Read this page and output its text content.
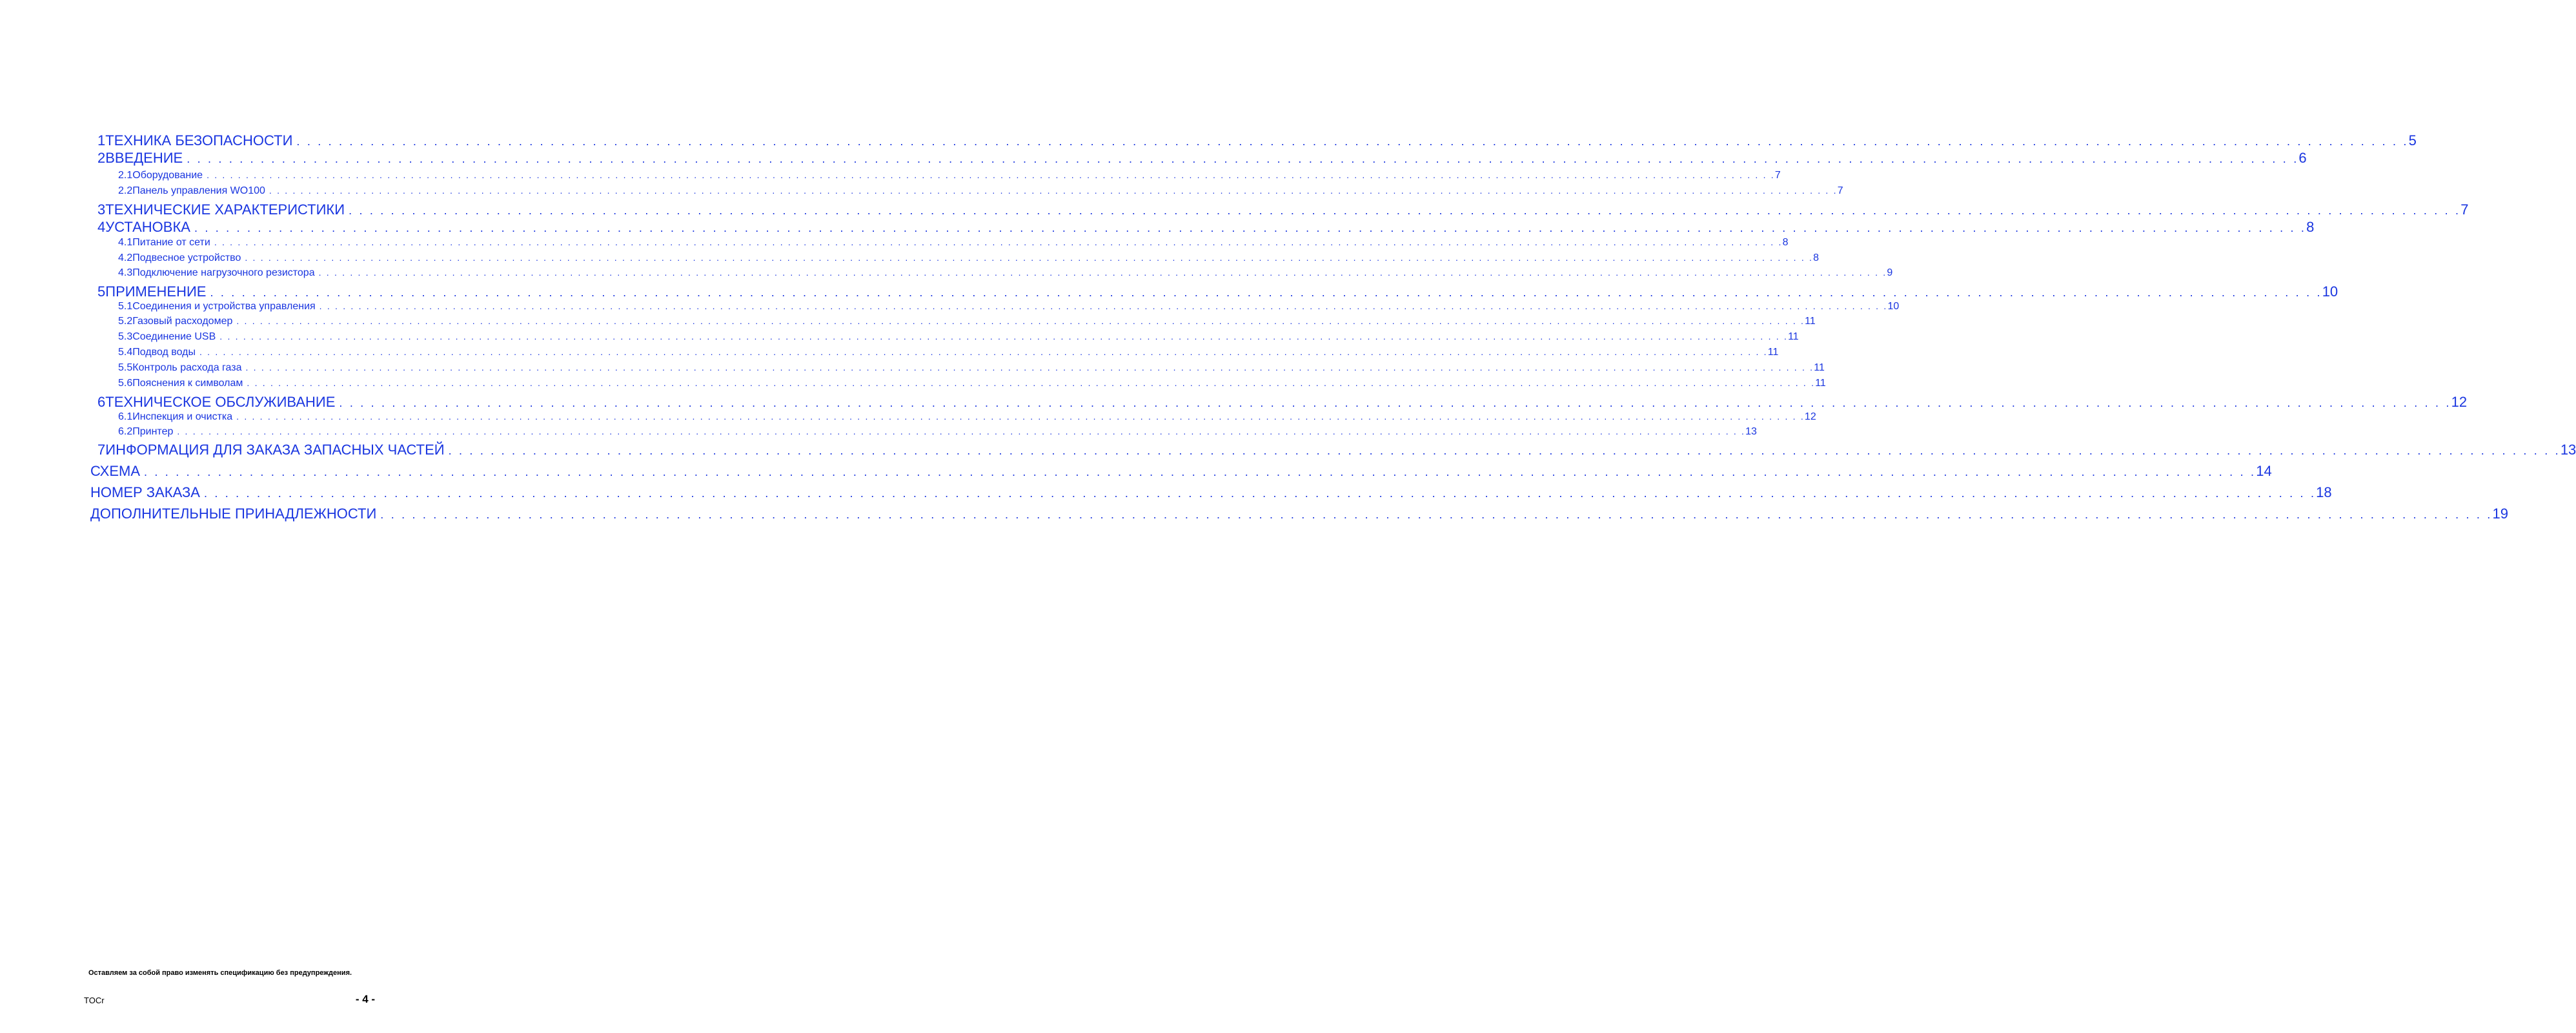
1 ТЕХНИКА БЕЗОПАСНОСТИ . . . . . . . . . . . . . . . . . . . . . . . . . . . . . . . . . . . . . . . . . . . . . . . . . . . . . . . . . . . . . . . . . . . . . . . . . . . . . . . . . . . . . . . . . . . . . . . . . . . . . . . . . . . . . . . . . . . . . . . . . . . . . . . . . . . . . . . . . . . . . . . . . . . . . . . . . . . . . . . . . . . . . . . . . . . . . . . . . . . . . . . . . . . . . . . . . . . . . . . . 5
2 ВВЕДЕНИЕ . . . . . . . . . . . . . . . . . . . . . . . . . . . . . . . . . . . . . . . . . . . . . . . . . . . . . . . . . . . . . . . . . . . . . . . . . . . . . . . . . . . . . . . . . . . . . . . . . . . . . . . . . . . . . . . . . . . . . . . . . . . . . . . . . . . . . . . . . . . . . . . . . . . . . . . . . . . . . . . . . . . . . . . . . . . . . . . . . . . . . . . . . . . . . . . . . . . . . . . . 6
2.1 Оборудование . . . . . . . . . . . . . . . . . . . . . . . . . . . . . . . . . . . . . . . . . . . . . . . . . . . . . . . . . . . . . . . . . . . . . . . . . . . . . . . . . . . . . . . . . . . . . . . . . . . . . . . . . . . . . . . . . . . . . . . . . . . . . . . . . . . . . . . . . . . . . . . . . . . . . . . . . . . . . . . . . . . . . . . . . . . . . . . . . . . . . . . . . . . . . . . . . . . . . . . . 7
2.2 Панель управления WO100 . . . . . . . . . . . . . . . . . . . . . . . . . . . . . . . . . . . . . . . . . . . . . . . . . . . . . . . . . . . . . . . . . . . . . . . . . . . . . . . . . . . . . . . . . . . . . . . . . . . . . . . . . . . . . . . . . . . . . . . . . . . . . . . . . . . . . . . . . . . . . . . . . . . . . . . . . . . . . . . . . . . . . . . . . . . . . . . . . . . . . . . . . . . . . . . . . . . . . . . . 7
3 ТЕХНИЧЕСКИЕ ХАРАКТЕРИСТИКИ . . . . . . . . . . . . . . . . . . . . . . . . . . . . . . . . . . . . . . . . . . . . . . . . . . . . . . . . . . . . . . . . . . . . . . . . . . . . . . . . . . . . . . . . . . . . . . . . . . . . . . . . . . . . . . . . . . . . . . . . . . . . . . . . . . . . . . . . . . . . . . . . . . . . . . . . . . . . . . . . . . . . . . . . . . . . . . . . . . . . . . . . . . . . . . . . . . . . . . . . 7
4 УСТАНОВКА . . . . . . . . . . . . . . . . . . . . . . . . . . . . . . . . . . . . . . . . . . . . . . . . . . . . . . . . . . . . . . . . . . . . . . . . . . . . . . . . . . . . . . . . . . . . . . . . . . . . . . . . . . . . . . . . . . . . . . . . . . . . . . . . . . . . . . . . . . . . . . . . . . . . . . . . . . . . . . . . . . . . . . . . . . . . . . . . . . . . . . . . . . . . . . . . . . . . . . . . 8
4.1 Питание от сети . . . . . . . . . . . . . . . . . . . . . . . . . . . . . . . . . . . . . . . . . . . . . . . . . . . . . . . . . . . . . . . . . . . . . . . . . . . . . . . . . . . . . . . . . . . . . . . . . . . . . . . . . . . . . . . . . . . . . . . . . . . . . . . . . . . . . . . . . . . . . . . . . . . . . . . . . . . . . . . . . . . . . . . . . . . . . . . . . . . . . . . . . . . . . . . . . . . . . . . . 8
4.2 Подвесное устройство . . . . . . . . . . . . . . . . . . . . . . . . . . . . . . . . . . . . . . . . . . . . . . . . . . . . . . . . . . . . . . . . . . . . . . . . . . . . . . . . . . . . . . . . . . . . . . . . . . . . . . . . . . . . . . . . . . . . . . . . . . . . . . . . . . . . . . . . . . . . . . . . . . . . . . . . . . . . . . . . . . . . . . . . . . . . . . . . . . . . . . . . . . . . . . . . . . . . . . . . 8
4.3 Подключение нагрузочного резистора . . . . . . . . . . . . . . . . . . . . . . . . . . . . . . . . . . . . . . . . . . . . . . . . . . . . . . . . . . . . . . . . . . . . . . . . . . . . . . . . . . . . . . . . . . . . . . . . . . . . . . . . . . . . . . . . . . . . . . . . . . . . . . . . . . . . . . . . . . . . . . . . . . . . . . . . . . . . . . . . . . . . . . . . . . . . . . . . . . . . . . . . . . . . . . . . . . . . . . . . 9
5 ПРИМЕНЕНИЕ . . . . . . . . . . . . . . . . . . . . . . . . . . . . . . . . . . . . . . . . . . . . . . . . . . . . . . . . . . . . . . . . . . . . . . . . . . . . . . . . . . . . . . . . . . . . . . . . . . . . . . . . . . . . . . . . . . . . . . . . . . . . . . . . . . . . . . . . . . . . . . . . . . . . . . . . . . . . . . . . . . . . . . . . . . . . . . . . . . . . . . . . . . . . . . . . . . . . . . . . 10
5.1 Соединения и устройства управления . . . . . . . . . . . . . . . . . . . . . . . . . . . . . . . . . . . . . . . . . . . . . . . . . . . . . . . . . . . . . . . . . . . . . . . . . . . . . . . . . . . . . . . . . . . . . . . . . . . . . . . . . . . . . . . . . . . . . . . . . . . . . . . . . . . . . . . . . . . . . . . . . . . . . . . . . . . . . . . . . . . . . . . . . . . . . . . . . . . . . . . . . . . . . . . . . . . . . . . . 10
5.2 Газовый расходомер . . . . . . . . . . . . . . . . . . . . . . . . . . . . . . . . . . . . . . . . . . . . . . . . . . . . . . . . . . . . . . . . . . . . . . . . . . . . . . . . . . . . . . . . . . . . . . . . . . . . . . . . . . . . . . . . . . . . . . . . . . . . . . . . . . . . . . . . . . . . . . . . . . . . . . . . . . . . . . . . . . . . . . . . . . . . . . . . . . . . . . . . . . . . . . . . . . . . . . . . 11
5.3 Соединение USB . . . . . . . . . . . . . . . . . . . . . . . . . . . . . . . . . . . . . . . . . . . . . . . . . . . . . . . . . . . . . . . . . . . . . . . . . . . . . . . . . . . . . . . . . . . . . . . . . . . . . . . . . . . . . . . . . . . . . . . . . . . . . . . . . . . . . . . . . . . . . . . . . . . . . . . . . . . . . . . . . . . . . . . . . . . . . . . . . . . . . . . . . . . . . . . . . . . . . . . . 11
5.4 Подвод воды . . . . . . . . . . . . . . . . . . . . . . . . . . . . . . . . . . . . . . . . . . . . . . . . . . . . . . . . . . . . . . . . . . . . . . . . . . . . . . . . . . . . . . . . . . . . . . . . . . . . . . . . . . . . . . . . . . . . . . . . . . . . . . . . . . . . . . . . . . . . . . . . . . . . . . . . . . . . . . . . . . . . . . . . . . . . . . . . . . . . . . . . . . . . . . . . . . . . . . . . 11
5.5 Контроль расхода газа . . . . . . . . . . . . . . . . . . . . . . . . . . . . . . . . . . . . . . . . . . . . . . . . . . . . . . . . . . . . . . . . . . . . . . . . . . . . . . . . . . . . . . . . . . . . . . . . . . . . . . . . . . . . . . . . . . . . . . . . . . . . . . . . . . . . . . . . . . . . . . . . . . . . . . . . . . . . . . . . . . . . . . . . . . . . . . . . . . . . . . . . . . . . . . . . . . . . . . . . 11
5.6 Пояснения к символам . . . . . . . . . . . . . . . . . . . . . . . . . . . . . . . . . . . . . . . . . . . . . . . . . . . . . . . . . . . . . . . . . . . . . . . . . . . . . . . . . . . . . . . . . . . . . . . . . . . . . . . . . . . . . . . . . . . . . . . . . . . . . . . . . . . . . . . . . . . . . . . . . . . . . . . . . . . . . . . . . . . . . . . . . . . . . . . . . . . . . . . . . . . . . . . . . . . . . . . . 11
6 ТЕХНИЧЕСКОЕ ОБСЛУЖИВАНИЕ . . . . . . . . . . . . . . . . . . . . . . . . . . . . . . . . . . . . . . . . . . . . . . . . . . . . . . . . . . . . . . . . . . . . . . . . . . . . . . . . . . . . . . . . . . . . . . . . . . . . . . . . . . . . . . . . . . . . . . . . . . . . . . . . . . . . . . . . . . . . . . . . . . . . . . . . . . . . . . . . . . . . . . . . . . . . . . . . . . . . . . . . . . . . . . . . . . . . . . . . 12
6.1 Инспекция и очистка . . . . . . . . . . . . . . . . . . . . . . . . . . . . . . . . . . . . . . . . . . . . . . . . . . . . . . . . . . . . . . . . . . . . . . . . . . . . . . . . . . . . . . . . . . . . . . . . . . . . . . . . . . . . . . . . . . . . . . . . . . . . . . . . . . . . . . . . . . . . . . . . . . . . . . . . . . . . . . . . . . . . . . . . . . . . . . . . . . . . . . . . . . . . . . . . . . . . . . . . 12
6.2 Принтер . . . . . . . . . . . . . . . . . . . . . . . . . . . . . . . . . . . . . . . . . . . . . . . . . . . . . . . . . . . . . . . . . . . . . . . . . . . . . . . . . . . . . . . . . . . . . . . . . . . . . . . . . . . . . . . . . . . . . . . . . . . . . . . . . . . . . . . . . . . . . . . . . . . . . . . . . . . . . . . . . . . . . . . . . . . . . . . . . . . . . . . . . . . . . . . . . . . . . . . . 13
7 ИНФОРМАЦИЯ ДЛЯ ЗАКАЗА ЗАПАСНЫХ ЧАСТЕЙ . . . . . . . . . . . . . . . . . . . . . . . . . . . . . . . . . . . . . . . . . . . . . . . . . . . . . . . . . . . . . . . . . . . . . . . . . . . . . . . . . . . . . . . . . . . . . . . . . . . . . . . . . . . . . . . . . . . . . . . . . . . . . . . . . . . . . . . . . . . . . . . . . . . . . . . . . . . . . . . . . . . . . . . . . . . . . . . . . . . . . . . . . . . . . . . . . . . . . . . . 13
СХЕМА . . . . . . . . . . . . . . . . . . . . . . . . . . . . . . . . . . . . . . . . . . . . . . . . . . . . . . . . . . . . . . . . . . . . . . . . . . . . . . . . . . . . . . . . . . . . . . . . . . . . . . . . . . . . . . . . . . . . . . . . . . . . . . . . . . . . . . . . . . . . . . . . . . . . . . . . . . . . . . . . . . . . . . . . . . . . . . . . . . . . . . . . . . . . . . . . . . . . . . . . 14
НОМЕР ЗАКАЗА . . . . . . . . . . . . . . . . . . . . . . . . . . . . . . . . . . . . . . . . . . . . . . . . . . . . . . . . . . . . . . . . . . . . . . . . . . . . . . . . . . . . . . . . . . . . . . . . . . . . . . . . . . . . . . . . . . . . . . . . . . . . . . . . . . . . . . . . . . . . . . . . . . . . . . . . . . . . . . . . . . . . . . . . . . . . . . . . . . . . . . . . . . . . . . . . . . . . . . . . 18
ДОПОЛНИТЕЛЬНЫЕ ПРИНАДЛЕЖНОСТИ . . . . . . . . . . . . . . . . . . . . . . . . . . . . . . . . . . . . . . . . . . . . . . . . . . . . . . . . . . . . . . . . . . . . . . . . . . . . . . . . . . . . . . . . . . . . . . . . . . . . . . . . . . . . . . . . . . . . . . . . . . . . . . . . . . . . . . . . . . . . . . . . . . . . . . . . . . . . . . . . . . . . . . . . . . . . . . . . . . . . . . . . . . . . . . . . . . . . . . . . 19
Оставляем за собой право изменять спецификацию без предупреждения.
TOCr	- 4 -
